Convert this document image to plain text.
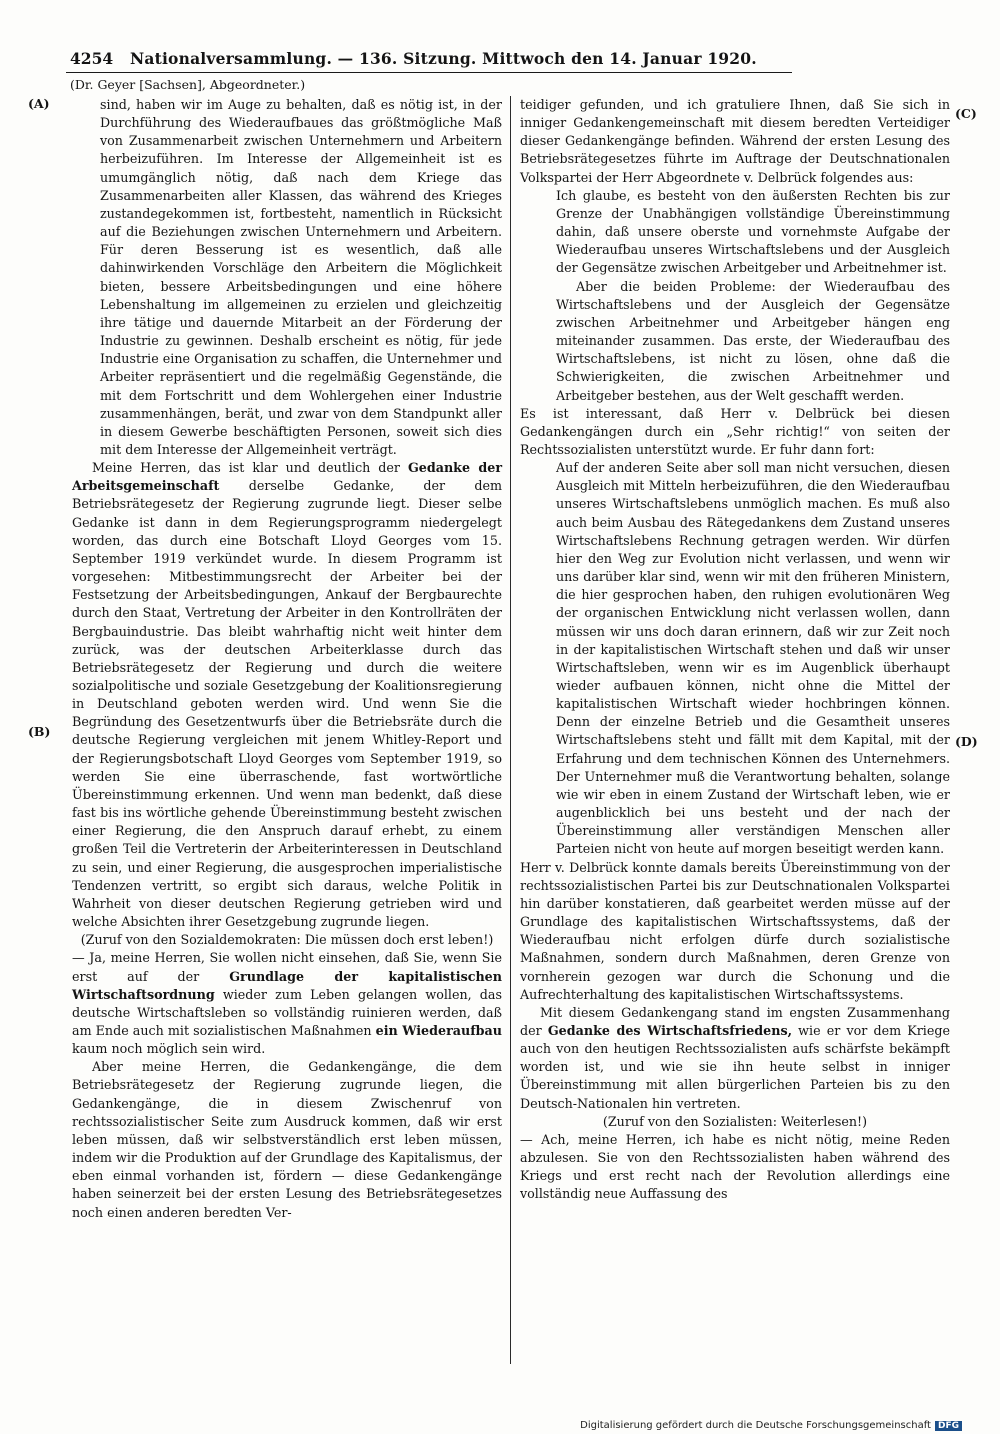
4254 Nationalversammlung. — 136. Sitzung. Mittwoch den 14. Januar 1920.
(Dr. Geyer [Sachsen], Abgeordneter.)
(A)
(B)
(C)
(D)

sind, haben wir im Auge zu behalten, daß es nötig ist, in der Durchführung des Wiederaufbaues das größtmögliche Maß von Zusammenarbeit zwischen Unternehmern und Arbeitern herbeizuführen. Im Interesse der Allgemeinheit ist es umumgänglich nötig, daß nach dem Kriege das Zusammenarbeiten aller Klassen, das während des Krieges zustandegekommen ist, fortbesteht, namentlich in Rücksicht auf die Beziehungen zwischen Unternehmern und Arbeitern. Für deren Besserung ist es wesentlich, daß alle dahinwirkenden Vorschläge den Arbeitern die Möglichkeit bieten, bessere Arbeitsbedingungen und eine höhere Lebenshaltung im allgemeinen zu erzielen und gleichzeitig ihre tätige und dauernde Mitarbeit an der Förderung der Industrie zu gewinnen. Deshalb erscheint es nötig, für jede Industrie eine Organisation zu schaffen, die Unternehmer und Arbeiter repräsentiert und die regelmäßig Gegenstände, die mit dem Fortschritt und dem Wohlergehen einer Industrie zusammenhängen, berät, und zwar von dem Standpunkt aller in diesem Gewerbe beschäftigten Personen, soweit sich dies mit dem Interesse der Allgemeinheit verträgt.

Meine Herren, das ist klar und deutlich der Gedanke der Arbeitsgemeinschaft derselbe Gedanke, der dem Betriebsrätegesetz der Regierung zugrunde liegt. Dieser selbe Gedanke ist dann in dem Regierungsprogramm niedergelegt worden, das durch eine Botschaft Lloyd Georges vom 15. September 1919 verkündet wurde. In diesem Programm ist vorgesehen: Mitbestimmungsrecht der Arbeiter bei der Festsetzung der Arbeitsbedingungen, Ankauf der Bergbaurechte durch den Staat, Vertretung der Arbeiter in den Kontrollräten der Bergbauindustrie. Das bleibt wahrhaftig nicht weit hinter dem zurück, was der deutschen Arbeiterklasse durch das Betriebsrätegesetz der Regierung und durch die weitere sozialpolitische und soziale Gesetzgebung der Koalitionsregierung in Deutschland geboten werden wird. Und wenn Sie die Begründung des Gesetzentwurfs über die Betriebsräte durch die deutsche Regierung vergleichen mit jenem Whitley-Report und der Regierungsbotschaft Lloyd Georges vom September 1919, so werden Sie eine überraschende, fast wortwörtliche Übereinstimmung erkennen. Und wenn man bedenkt, daß diese fast bis ins wörtliche gehende Übereinstimmung besteht zwischen einer Regierung, die den Anspruch darauf erhebt, zu einem großen Teil die Vertreterin der Arbeiterinteressen in Deutschland zu sein, und einer Regierung, die ausgesprochen imperialistische Tendenzen vertritt, so ergibt sich daraus, welche Politik in Wahrheit von dieser deutschen Regierung getrieben wird und welche Absichten ihrer Gesetzgebung zugrunde liegen.

(Zuruf von den Sozialdemokraten: Die müssen doch erst leben!)

— Ja, meine Herren, Sie wollen nicht einsehen, daß Sie, wenn Sie erst auf der Grundlage der kapitalistischen Wirtschaftsordnung wieder zum Leben gelangen wollen, das deutsche Wirtschaftsleben so vollständig ruinieren werden, daß am Ende auch mit sozialistischen Maßnahmen ein Wiederaufbau kaum noch möglich sein wird.

Aber meine Herren, die Gedankengänge, die dem Betriebsrätegesetz der Regierung zugrunde liegen, die Gedankengänge, die in diesem Zwischenruf von rechtssozialistischer Seite zum Ausdruck kommen, daß wir erst leben müssen, daß wir selbstverständlich erst leben müssen, indem wir die Produktion auf der Grundlage des Kapitalismus, der eben einmal vorhanden ist, fördern — diese Gedankengänge haben seinerzeit bei der ersten Lesung des Betriebsrätegesetzes noch einen anderen beredten Ver-

teidiger gefunden, und ich gratuliere Ihnen, daß Sie sich in inniger Gedankengemeinschaft mit diesem beredten Verteidiger dieser Gedankengänge befinden. Während der ersten Lesung des Betriebsrätegesetzes führte im Auftrage der Deutschnationalen Volkspartei der Herr Abgeordnete v. Delbrück folgendes aus:

Ich glaube, es besteht von den äußersten Rechten bis zur Grenze der Unabhängigen vollständige Übereinstimmung dahin, daß unsere oberste und vornehmste Aufgabe der Wiederaufbau unseres Wirtschaftslebens und der Ausgleich der Gegensätze zwischen Arbeitgeber und Arbeitnehmer ist.

Aber die beiden Probleme: der Wiederaufbau des Wirtschaftslebens und der Ausgleich der Gegensätze zwischen Arbeitnehmer und Arbeitgeber hängen eng miteinander zusammen. Das erste, der Wiederaufbau des Wirtschaftslebens, ist nicht zu lösen, ohne daß die Schwierigkeiten, die zwischen Arbeitnehmer und Arbeitgeber bestehen, aus der Welt geschafft werden.

Es ist interessant, daß Herr v. Delbrück bei diesen Gedankengängen durch ein „Sehr richtig!“ von seiten der Rechtssozialisten unterstützt wurde. Er fuhr dann fort:

Auf der anderen Seite aber soll man nicht versuchen, diesen Ausgleich mit Mitteln herbeizuführen, die den Wiederaufbau unseres Wirtschaftslebens unmöglich machen. Es muß also auch beim Ausbau des Rätegedankens dem Zustand unseres Wirtschaftslebens Rechnung getragen werden. Wir dürfen hier den Weg zur Evolution nicht verlassen, und wenn wir uns darüber klar sind, wenn wir mit den früheren Ministern, die hier gesprochen haben, den ruhigen evolutionären Weg der organischen Entwicklung nicht verlassen wollen, dann müssen wir uns doch daran erinnern, daß wir zur Zeit noch in der kapitalistischen Wirtschaft stehen und daß wir unser Wirtschaftsleben, wenn wir es im Augenblick überhaupt wieder aufbauen können, nicht ohne die Mittel der kapitalistischen Wirtschaft wieder hochbringen können. Denn der einzelne Betrieb und die Gesamtheit unseres Wirtschaftslebens steht und fällt mit dem Kapital, mit der Erfahrung und dem technischen Können des Unternehmers. Der Unternehmer muß die Verantwortung behalten, solange wie wir eben in einem Zustand der Wirtschaft leben, wie er augenblicklich bei uns besteht und der nach der Übereinstimmung aller verständigen Menschen aller Parteien nicht von heute auf morgen beseitigt werden kann.

Herr v. Delbrück konnte damals bereits Übereinstimmung von der rechtssozialistischen Partei bis zur Deutschnationalen Volkspartei hin darüber konstatieren, daß gearbeitet werden müsse auf der Grundlage des kapitalistischen Wirtschaftssystems, daß der Wiederaufbau nicht erfolgen dürfe durch sozialistische Maßnahmen, sondern durch Maßnahmen, deren Grenze von vornherein gezogen war durch die Schonung und die Aufrechterhaltung des kapitalistischen Wirtschaftssystems.

Mit diesem Gedankengang stand im engsten Zusammenhang der Gedanke des Wirtschaftsfriedens, wie er vor dem Kriege auch von den heutigen Rechtssozialisten aufs schärfste bekämpft worden ist, und wie sie ihn heute selbst in inniger Übereinstimmung mit allen bürgerlichen Parteien bis zu den Deutsch-Nationalen hin vertreten.

(Zuruf von den Sozialisten: Weiterlesen!)

— Ach, meine Herren, ich habe es nicht nötig, meine Reden abzulesen. Sie von den Rechtssozialisten haben während des Kriegs und erst recht nach der Revolution allerdings eine vollständig neue Auffassung des

Digitalisierung gefördert durch die Deutsche Forschungsgemeinschaft DFG
